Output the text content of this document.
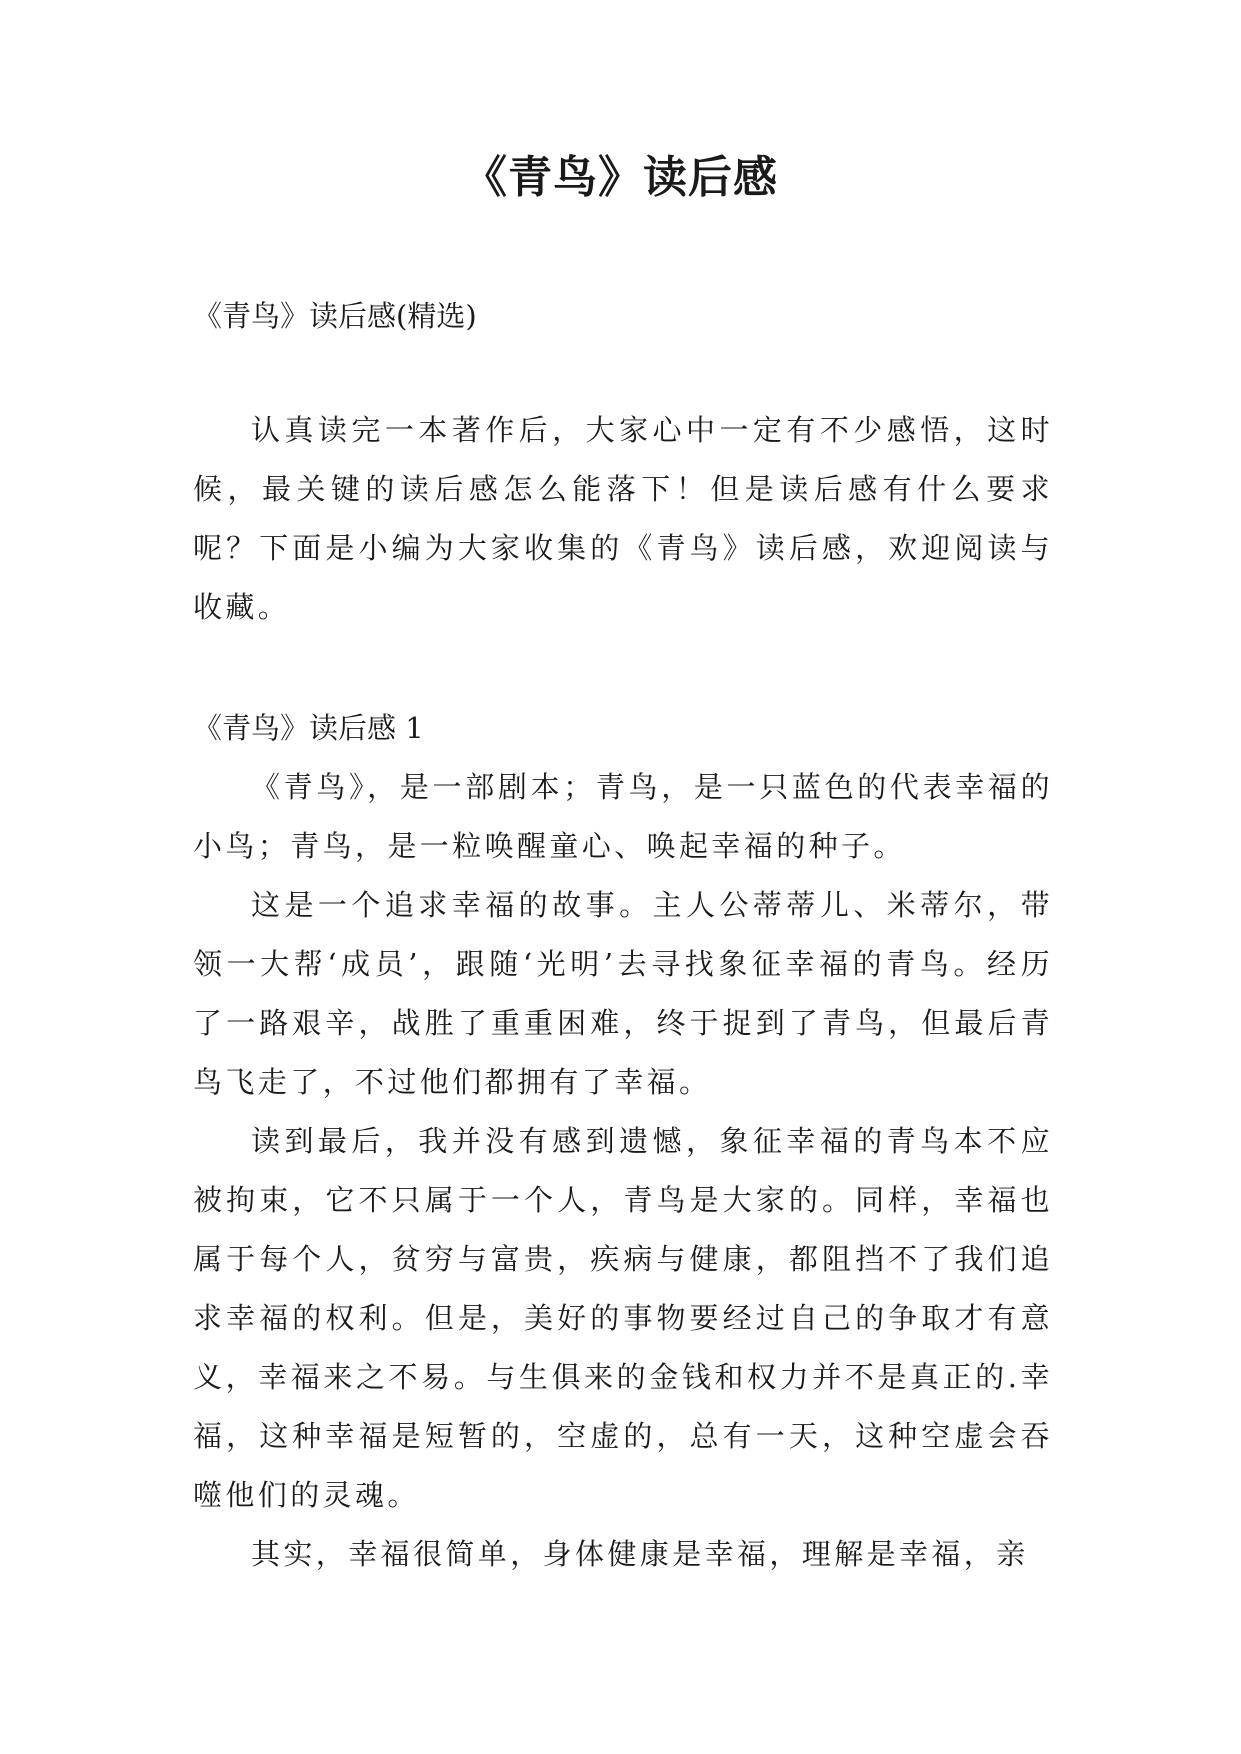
《青鸟》读后感

《青鸟》读后感(精选)

认真读完一本著作后，大家心中一定有不少感悟，这时候，最关键的读后感怎么能落下！但是读后感有什么要求呢？下面是小编为大家收集的《青鸟》读后感，欢迎阅读与收藏。

《青鸟》读后感 1

《青鸟》，是一部剧本；青鸟，是一只蓝色的代表幸福的小鸟；青鸟，是一粒唤醒童心、唤起幸福的种子。

这是一个追求幸福的故事。主人公蒂蒂儿、米蒂尔，带领一大帮‘成员’，跟随‘光明’去寻找象征幸福的青鸟。经历了一路艰辛，战胜了重重困难，终于捉到了青鸟，但最后青鸟飞走了，不过他们都拥有了幸福。

读到最后，我并没有感到遗憾，象征幸福的青鸟本不应被拘束，它不只属于一个人，青鸟是大家的。同样，幸福也属于每个人，贫穷与富贵，疾病与健康，都阻挡不了我们追求幸福的权利。但是，美好的事物要经过自己的争取才有意义，幸福来之不易。与生俱来的金钱和权力并不是真正的.幸福，这种幸福是短暂的，空虚的，总有一天，这种空虚会吞噬他们的灵魂。

其实，幸福很简单，身体健康是幸福，理解是幸福，亲
